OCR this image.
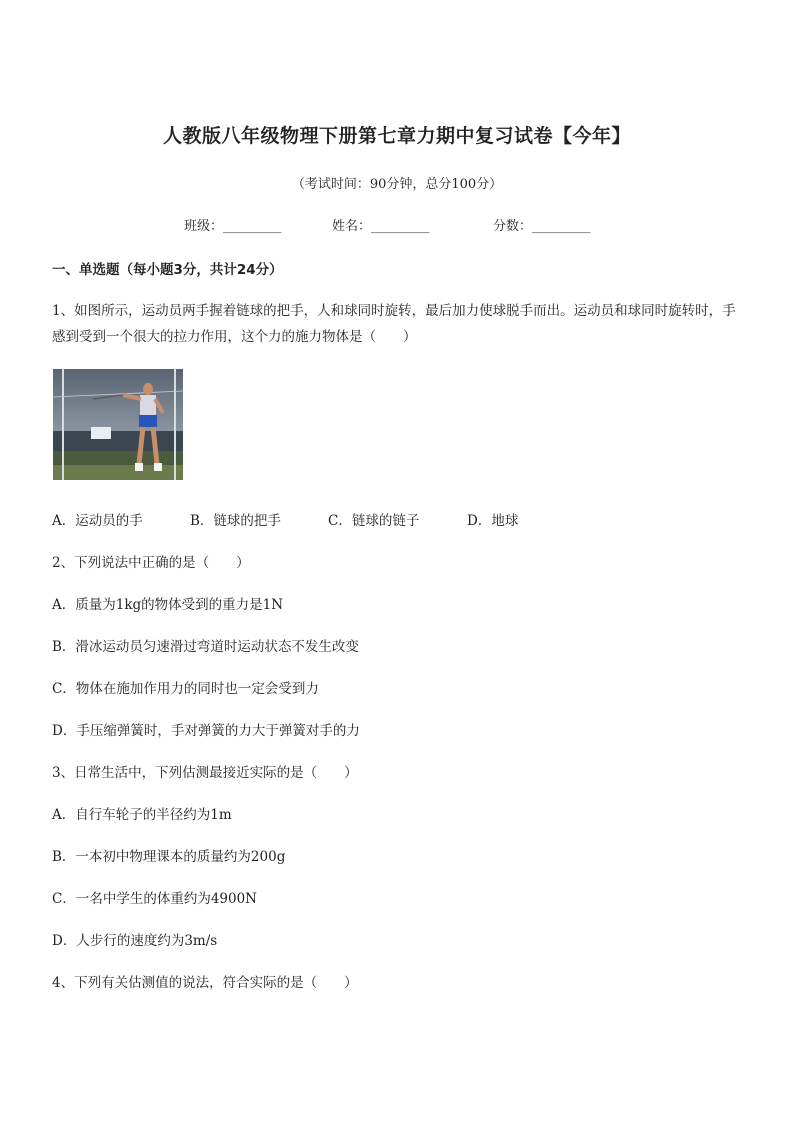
人教版八年级物理下册第七章力期中复习试卷【今年】
（考试时间：90分钟，总分100分）
班级：_________	姓名：_________	分数：_________
一、单选题（每小题3分，共计24分）
1、如图所示，运动员两手握着链球的把手，人和球同时旋转，最后加力使球脱手而出。运动员和球同时旋转时，手感到受到一个很大的拉力作用，这个力的施力物体是（　　）
A．运动员的手	B．链球的把手	C．链球的链子	D．地球
2、下列说法中正确的是（　　）
A．质量为1kg的物体受到的重力是1N
B．滑冰运动员匀速滑过弯道时运动状态不发生改变
C．物体在施加作用力的同时也一定会受到力
D．手压缩弹簧时，手对弹簧的力大于弹簧对手的力
3、日常生活中，下列估测最接近实际的是（　　）
A．自行车轮子的半径约为1m
B．一本初中物理课本的质量约为200g
C．一名中学生的体重约为4900N
D．人步行的速度约为3m/s
4、下列有关估测值的说法，符合实际的是（　　）
